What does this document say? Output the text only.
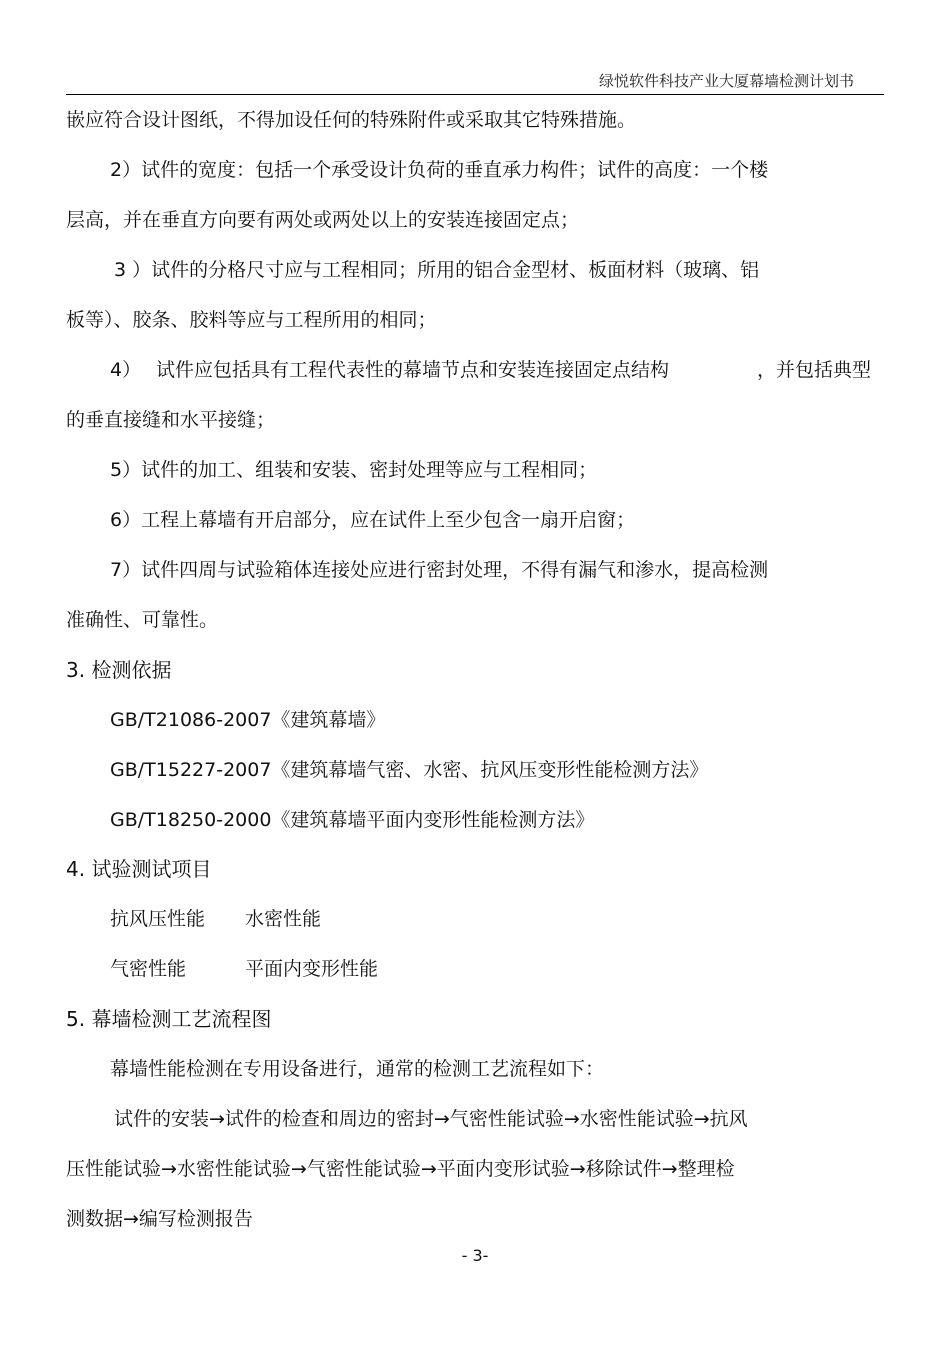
绿悦软件科技产业大厦幕墙检测计划书
嵌应符合设计图纸，不得加设任何的特殊附件或采取其它特殊措施。
2）试件的宽度：包括一个承受设计负荷的垂直承力构件；试件的高度：一个楼
层高，并在垂直方向要有两处或两处以上的安装连接固定点；
3 ）试件的分格尺寸应与工程相同；所用的铝合金型材、板面材料（玻璃、铝
板等）、胶条、胶料等应与工程所用的相同；
4） 试件应包括具有工程代表性的幕墙节点和安装连接固定点结构	，并包括典型
的垂直接缝和水平接缝；
5）试件的加工、组装和安装、密封处理等应与工程相同；
6）工程上幕墙有开启部分，应在试件上至少包含一扇开启窗；
7）试件四周与试验箱体连接处应进行密封处理，不得有漏气和渗水，提高检测
准确性、可靠性。
3. 检测依据
GB/T21086-2007《建筑幕墙》
GB/T15227-2007《建筑幕墙气密、水密、抗风压变形性能检测方法》
GB/T18250-2000《建筑幕墙平面内变形性能检测方法》
4. 试验测试项目
抗风压性能 水密性能
气密性能	平面内变形性能
5. 幕墙检测工艺流程图
幕墙性能检测在专用设备进行，通常的检测工艺流程如下：
试件的安装→试件的检查和周边的密封→气密性能试验→水密性能试验→抗风
压性能试验→水密性能试验→气密性能试验→平面内变形试验→移除试件→整理检
测数据→编写检测报告
- 3-
